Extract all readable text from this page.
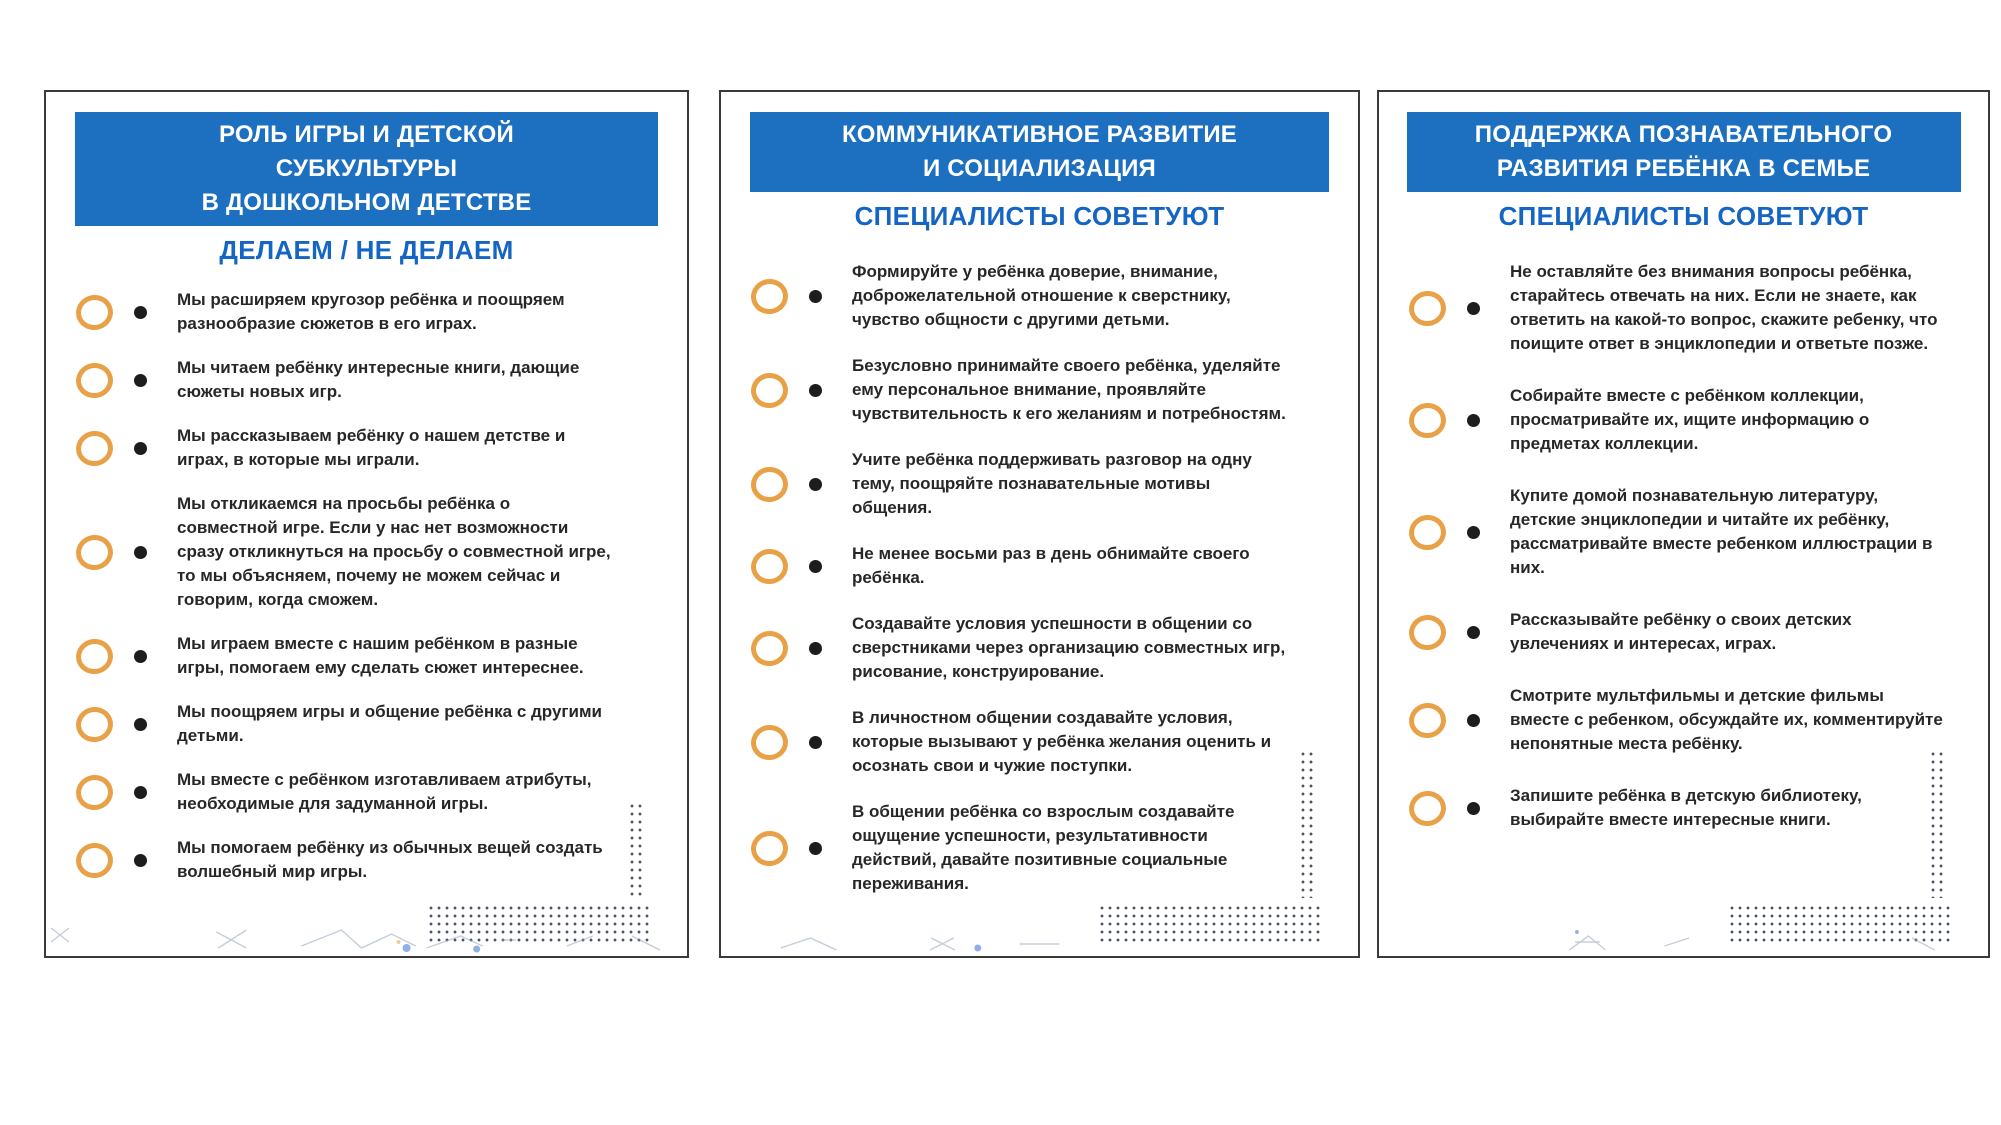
РОЛЬ ИГРЫ И ДЕТСКОЙ
СУБКУЛЬТУРЫ
В ДОШКОЛЬНОМ ДЕТСТВЕ
ДЕЛАЕМ / НЕ ДЕЛАЕМ
Мы расширяем кругозор ребёнка и поощряем разнообразие сюжетов в его играх.
Мы читаем ребёнку интересные книги, дающие сюжеты новых игр.
Мы рассказываем ребёнку о нашем детстве и играх, в которые мы играли.
Мы откликаемся на просьбы ребёнка о совместной игре. Если у нас нет возможности сразу откликнуться на просьбу о совместной игре, то мы объясняем, почему не можем сейчас и говорим, когда сможем.
Мы играем вместе с нашим ребёнком в разные игры, помогаем ему сделать сюжет интереснее.
Мы поощряем игры и общение ребёнка с другими детьми.
Мы вместе с ребёнком изготавливаем атрибуты, необходимые для задуманной игры.
Мы помогаем ребёнку из обычных вещей создать волшебный мир игры.
КОММУНИКАТИВНОЕ РАЗВИТИЕ
И СОЦИАЛИЗАЦИЯ
СПЕЦИАЛИСТЫ СОВЕТУЮТ
Формируйте у ребёнка доверие, внимание, доброжелательной отношение к сверстнику, чувство общности с другими детьми.
Безусловно принимайте своего ребёнка, уделяйте ему персональное внимание, проявляйте чувствительность к его желаниям и потребностям.
Учите ребёнка поддерживать разговор на одну тему, поощряйте познавательные мотивы общения.
Не менее восьми раз в день обнимайте своего ребёнка.
Создавайте условия успешности в общении со сверстниками через организацию совместных игр, рисование, конструирование.
В личностном общении создавайте условия, которые вызывают у ребёнка желания оценить и осознать свои и чужие поступки.
В общении ребёнка со взрослым создавайте ощущение успешности, результативности действий, давайте позитивные социальные переживания.
ПОДДЕРЖКА ПОЗНАВАТЕЛЬНОГО
РАЗВИТИЯ РЕБЁНКА В СЕМЬЕ
СПЕЦИАЛИСТЫ СОВЕТУЮТ
Не оставляйте без внимания вопросы ребёнка, старайтесь отвечать на них. Если не знаете, как ответить на какой-то вопрос, скажите ребенку, что поищите ответ в энциклопедии и ответьте позже.
Собирайте вместе с ребёнком коллекции, просматривайте их, ищите информацию о предметах коллекции.
Купите домой познавательную литературу, детские энциклопедии и читайте их ребёнку, рассматривайте вместе ребенком иллюстрации в них.
Рассказывайте ребёнку о своих детских увлечениях и интересах, играх.
Смотрите мультфильмы и детские фильмы вместе с ребенком, обсуждайте их, комментируйте непонятные места ребёнку.
Запишите ребёнка в детскую библиотеку, выбирайте вместе интересные книги.
